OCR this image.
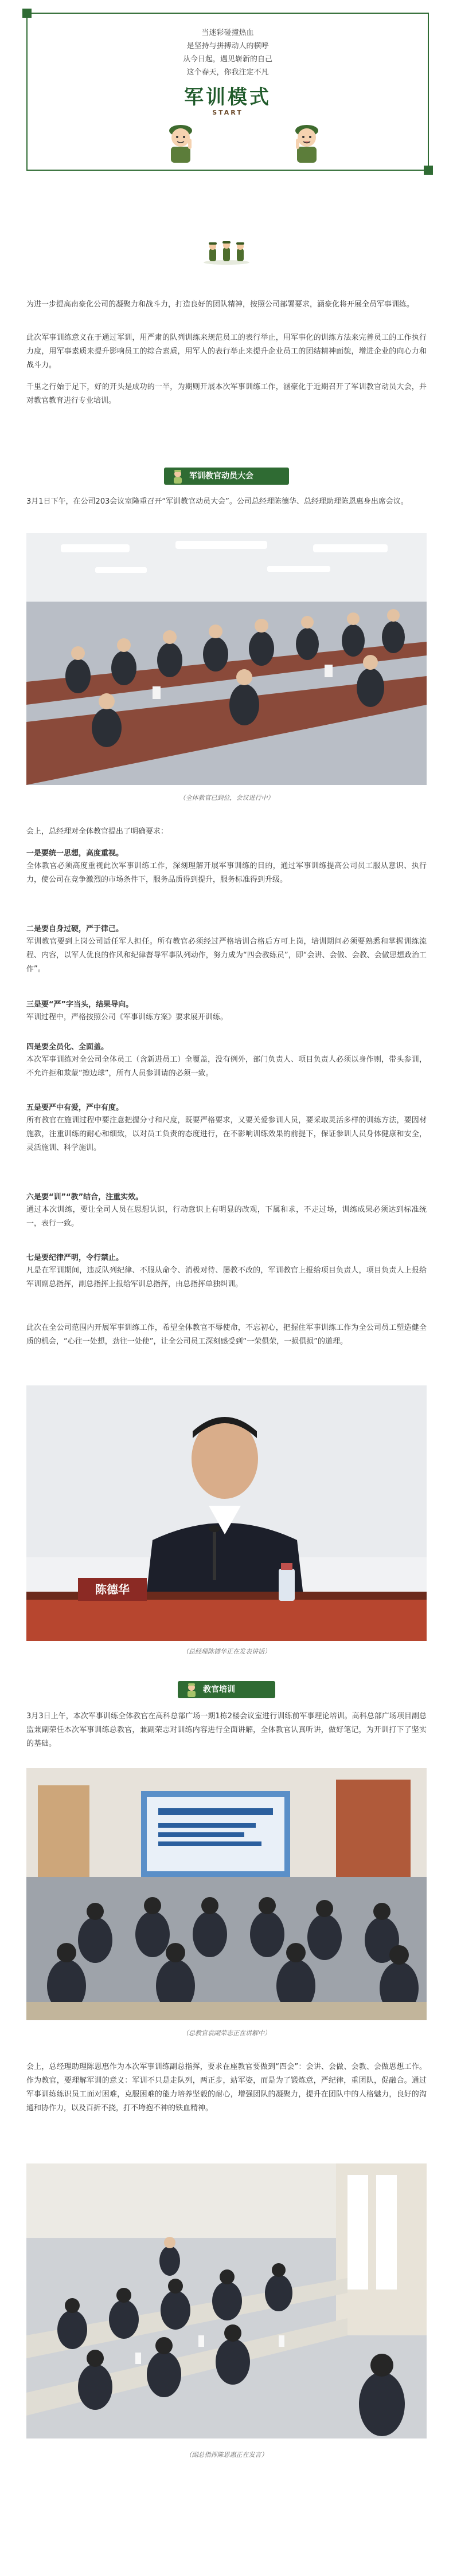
当迷彩碰撞热血
是坚持与拼搏动人的横呼
从今日起，遇见崭新的自己
这个春天，你我注定不凡
军训模式
START

为进一步提高南豪化公司的凝聚力和战斗力，打造良好的团队精神，按照公司部署要求，涵豪化将开展全员军事训练。

此次军事训练意义在于通过军训，用严肃的队列训练来规范员工的表行举止，用军事化的训练方法来完善员工的工作执行力度，用军事素质来提升影响员工的综合素质，用军人的表行举止来提升企业员工的团结精神面貌，增进企业的向心力和战斗力。

千里之行始于足下，好的开头是成功的一半，为期则开展本次军事训练工作，涵豪化于近期召开了军训教官动员大会，并对教官教育进行专业培训。

军训教官动员大会

3月1日下午，在公司203会议室隆重召开“军训教官动员大会”。公司总经理陈德华、总经理助理陈恩惠身出席会议。

（全体教官已到位，会议进行中）

会上，总经理对全体教官提出了明确要求：

一是要统一思想，高度重视。

全体教官必须高度重视此次军事训练工作，深刻理解开展军事训练的目的，通过军事训练提高公司员工服从意识、执行力，使公司在竞争激烈的市场条件下，服务品质得到提升，服务标准得到升级。

二是要自身过硬，严于律己。

军训教官要到上岗公司适任军人担任。所有教官必须经过严格培训合格后方可上岗，培训期间必须要熟悉和掌握训练流程、内容，以军人优良的作风和纪律督导军事队列动作，努力成为“四会教练员”，即“会讲、会做、会教、会做思想政治工作”。

三是要“严”字当头，结果导向。

军训过程中，严格按照公司《军事训练方案》要求展开训练。

四是要全员化、全面盖。

本次军事训练对全公司全体员工（含新进员工）全覆盖，没有例外，部门负责人、项目负责人必须以身作则，带头参训，不允许拒和欺蒙“擦边球”，所有人员参训请的必须一致。

五是要严中有爱，严中有度。

所有教官在施训过程中要注意把握分寸和尺度，既要严格要求，又要关爱参训人员，要采取灵活多样的训练方法，要因材施教，注重训练的耐心和细致，以对员工负责的态度进行，在不影响训练效果的前提下，保证参训人员身体健康和安全，灵活施训、科学施训。

六是要“训”“教”结合，注重实效。

通过本次训练，要让全司人员在思想认识，行动意识上有明显的改观，下属和求，不走过场，训练成果必须达到标准统一，表行一致。

七是要纪律严明，令行禁止。

凡是在军训期间，违反队列纪律、不服从命令、消极对待、屡教不改的，军训教官上报给项目负责人，项目负责人上报给军训副总指挥，副总指挥上报给军训总指挥，由总指挥单独纠训。

此次在全公司范围内开展军事训练工作，希望全体教官不辱使命，不忘初心，把握住军事训练工作为全公司员工塑造健全质的机会，“心往一处想，劲往一处使”，让全公司员工深刻感受到“一荣俱荣，一损俱损”的道理。

陈德华
（总经理陈德华正在发表讲话）
教官培训

3月3日上午，本次军事训练全体教官在高科总部广场一期1栋2楼会议室进行训练前军事理论培训。高科总部广场项目副总监兼副荣任本次军事训练总教官，兼副荣志对训练内容进行全面讲解，全体教官认真听讲，做好笔记，为开训打下了坚实的基础。

（总教官袁副荣志正在讲解中）

会上，总经理助理陈恩惠作为本次军事训练副总指挥，要求在座教官要做到“四会”：会讲、会做、会教、会做思想工作。作为教官，要理解军训的意义：军训不只是走队列，两正步，站军姿，而是为了锻炼意，严纪律，重团队，促融合。通过军事训练练识员工面对困难，克服困难的能力培养坚毅的耐心，增强团队的凝聚力，提升在团队中的人格魅力，良好的沟通和协作力，以及百折不挠，打不垮抱不神的铁血精神。

（副总指挥陈恩惠正在发言）
